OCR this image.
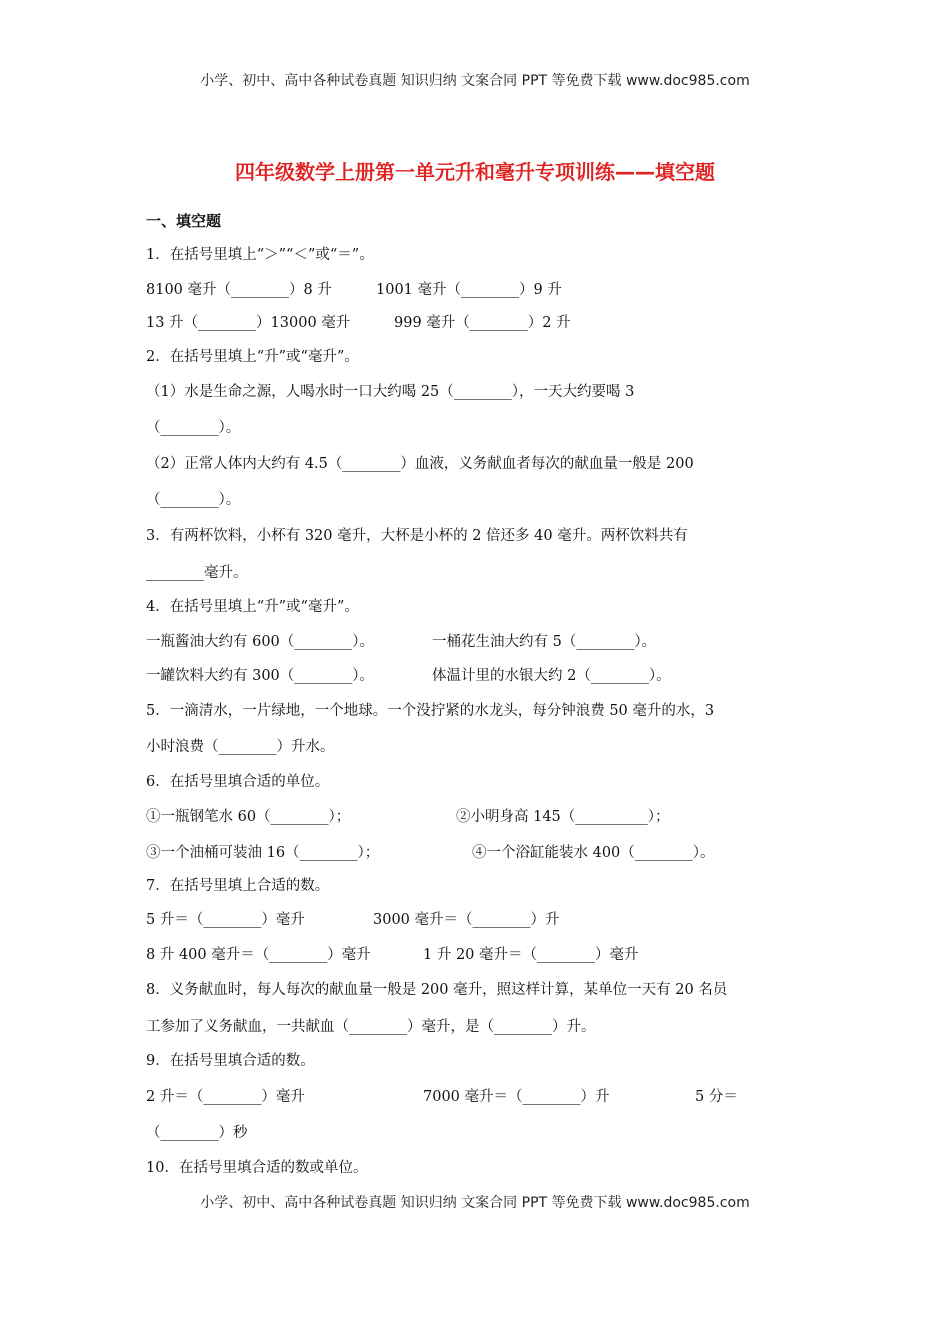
小学、初中、高中各种试卷真题 知识归纳 文案合同 PPT 等免费下载 www.doc985.com
四年级数学上册第一单元升和毫升专项训练——填空题
一、填空题
1．在括号里填上“＞”“＜”或“＝”。
8100 毫升（________）8 升	1001 毫升（________）9 升
13 升（________）13000 毫升	999 毫升（________）2 升
2．在括号里填上“升”或“毫升”。
（1）水是生命之源，人喝水时一口大约喝 25（________），一天大约要喝 3
（________）。
（2）正常人体内大约有 4.5（________）血液，义务献血者每次的献血量一般是 200
（________）。
3．有两杯饮料，小杯有 320 毫升，大杯是小杯的 2 倍还多 40 毫升。两杯饮料共有
________毫升。
4．在括号里填上“升”或“毫升”。
一瓶酱油大约有 600（________）。	一桶花生油大约有 5（________）。
一罐饮料大约有 300（________）。	体温计里的水银大约 2（________）。
5．一滴清水，一片绿地，一个地球。一个没拧紧的水龙头，每分钟浪费 50 毫升的水，3
小时浪费（________）升水。
6．在括号里填合适的单位。
①一瓶钢笔水 60（________）；	②小明身高 145（__________）；
③一个油桶可装油 16（________）；	④一个浴缸能装水 400（________）。
7．在括号里填上合适的数。
5 升＝（________）毫升	3000 毫升＝（________）升
8 升 400 毫升＝（________）毫升	1 升 20 毫升＝（________）毫升
8．义务献血时，每人每次的献血量一般是 200 毫升，照这样计算，某单位一天有 20 名员
工参加了义务献血，一共献血（________）毫升，是（________）升。
9．在括号里填合适的数。
2 升＝（________）毫升	7000 毫升＝（________）升	5 分＝
（________）秒
10．在括号里填合适的数或单位。
小学、初中、高中各种试卷真题 知识归纳 文案合同 PPT 等免费下载 www.doc985.com
